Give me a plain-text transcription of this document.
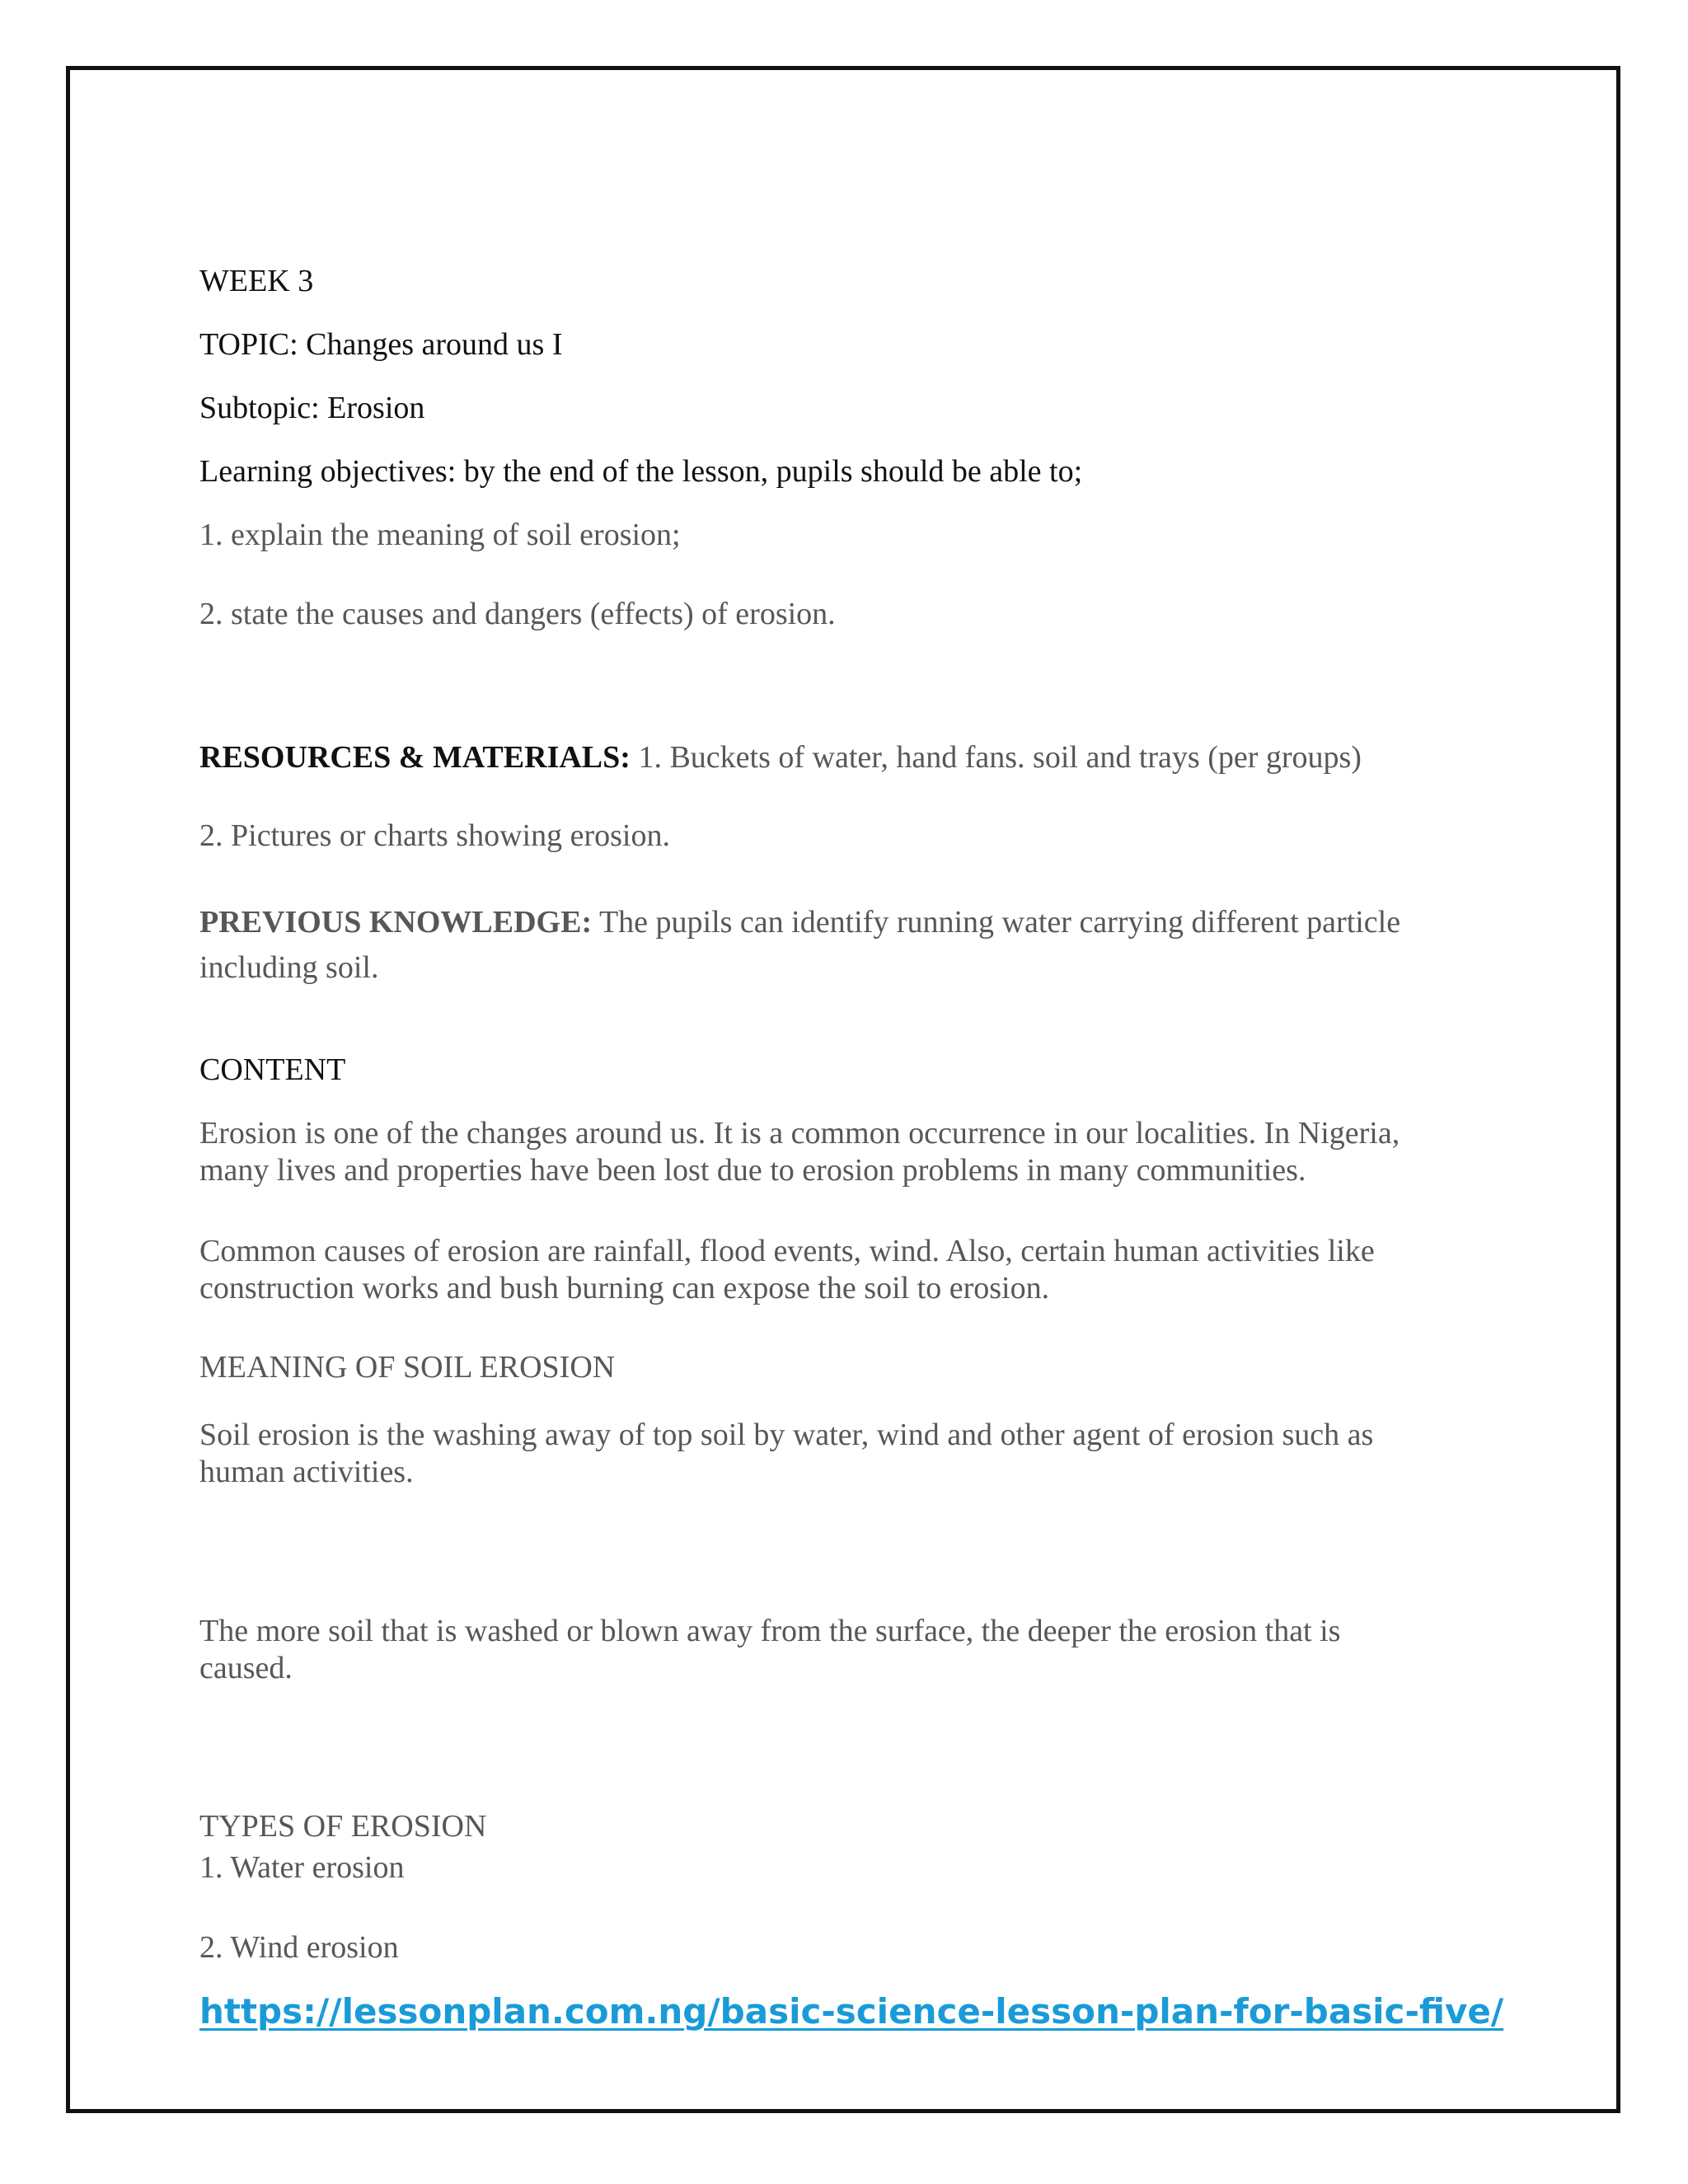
WEEK 3
TOPIC: Changes around us I
Subtopic: Erosion
Learning objectives: by the end of the lesson, pupils should be able to;
1. explain the meaning of soil erosion;
2. state the causes and dangers (effects) of erosion.
RESOURCES & MATERIALS: 1. Buckets of water, hand fans. soil and trays (per groups)
2. Pictures or charts showing erosion.
PREVIOUS KNOWLEDGE: The pupils can identify running water carrying different particle
including soil.
CONTENT
Erosion is one of the changes around us. It is a common occurrence in our localities. In Nigeria,
many lives and properties have been lost due to erosion problems in many communities.
Common causes of erosion are rainfall, flood events, wind. Also, certain human activities like
construction works and bush burning can expose the soil to erosion.
MEANING OF SOIL EROSION
Soil erosion is the washing away of top soil by water, wind and other agent of erosion such as
human activities.
The more soil that is washed or blown away from the surface, the deeper the erosion that is
caused.
TYPES OF EROSION
1. Water erosion
2. Wind erosion
https://lessonplan.com.ng/basic-science-lesson-plan-for-basic-five/
